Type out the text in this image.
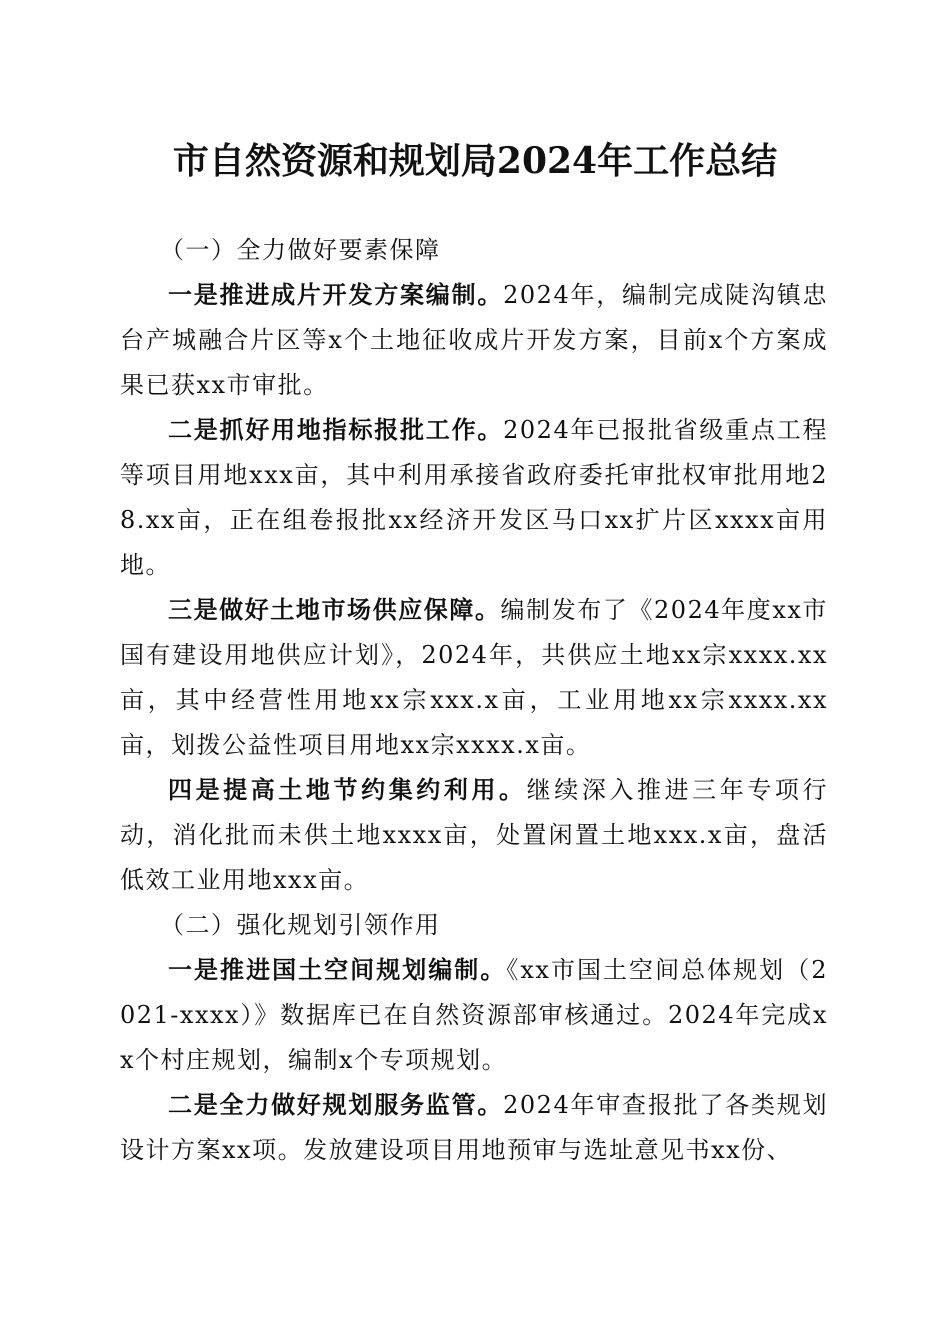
市自然资源和规划局2024年工作总结

（一）全力做好要素保障

一是推进成片开发方案编制。2024年，编制完成陡沟镇忠台产城融合片区等x个土地征收成片开发方案，目前x个方案成果已获xx市审批。

二是抓好用地指标报批工作。2024年已报批省级重点工程等项目用地xxx亩，其中利用承接省政府委托审批权审批用地28.xx亩，正在组卷报批xx经济开发区马口xx扩片区xxxx亩用地。

三是做好土地市场供应保障。编制发布了《2024年度xx市国有建设用地供应计划》，2024年，共供应土地xx宗xxxx.xx亩，其中经营性用地xx宗xxx.x亩，工业用地xx宗xxxx.xx亩，划拨公益性项目用地xx宗xxxx.x亩。

四是提高土地节约集约利用。继续深入推进三年专项行动，消化批而未供土地xxxx亩，处置闲置土地xxx.x亩，盘活低效工业用地xxx亩。

（二）强化规划引领作用

一是推进国土空间规划编制。《xx市国土空间总体规划（2021-xxxx）》数据库已在自然资源部审核通过。2024年完成xx个村庄规划，编制x个专项规划。

二是全力做好规划服务监管。2024年审查报批了各类规划设计方案xx项。发放建设项目用地预审与选址意见书xx份、
